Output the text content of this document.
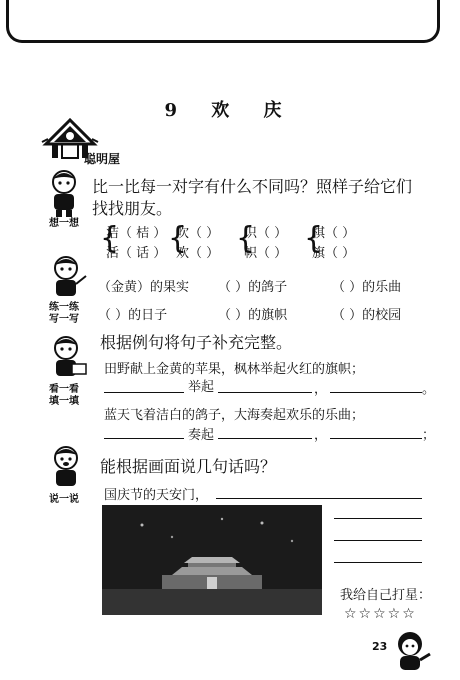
9 欢 庆
聪明屋
想一想
比一比每一对字有什么不同吗？照样子给它们找找朋友。
洁（ 桔 ）
活（ 话 ）
{	吹（ ）
欢（ ）
{	识（ ）
帜（ ）
{	棋（ ）
旗（ ）
{
练一练
写一写
（金黄）的果实 （ ）的鸽子	（ ）的乐曲
（ ）的日子	（ ）的旗帜	（ ）的校园
看一看
填一填
根据例句将句子补充完整。
田野献上金黄的苹果，枫林举起火红的旗帜；
举起	，	。
蓝天飞着洁白的鸽子，大海奏起欢乐的乐曲；
奏起	，	；
说一说
能根据画面说几句话吗？
国庆节的天安门，
我给自己打星：
☆☆☆☆☆
23
